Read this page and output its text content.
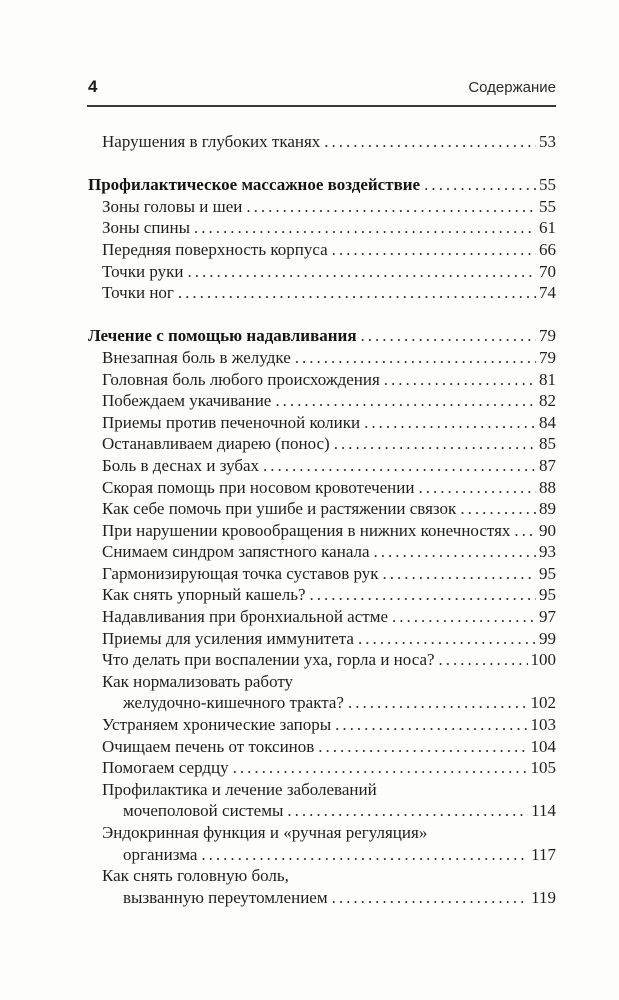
4	Содержание
Нарушения в глубоких тканях .....	53
Профилактическое массажное воздействие .....	55
Зоны головы и шеи .....	55
Зоны спины .....	61
Передняя поверхность корпуса .....	66
Точки руки .....	70
Точки ног .....	74
Лечение с помощью надавливания .....	79
Внезапная боль в желудке .....	79
Головная боль любого происхождения .....	81
Побеждаем укачивание .....	82
Приемы против печеночной колики .....	84
Останавливаем диарею (понос) .....	85
Боль в деснах и зубах .....	87
Скорая помощь при носовом кровотечении .....	88
Как себе помочь при ушибе и растяжении связок .....	89
При нарушении кровообращения в нижних конечностях ..... 90
Снимаем синдром запястного канала .....	93
Гармонизирующая точка суставов рук .....	95
Как снять упорный кашель? .....	95
Надавливания при бронхиальной астме .....	97
Приемы для усиления иммунитета .....	99
Что делать при воспалении уха, горла и носа? .....	100
Как нормализовать работу
желудочно-кишечного тракта? .....	102
Устраняем хронические запоры .....	103
Очищаем печень от токсинов .....	104
Помогаем сердцу .....	105
Профилактика и лечение заболеваний
мочеполовой системы .....	114
Эндокринная функция и «ручная регуляция»
организма .....	117
Как снять головную боль,
вызванную переутомлением .....	119
